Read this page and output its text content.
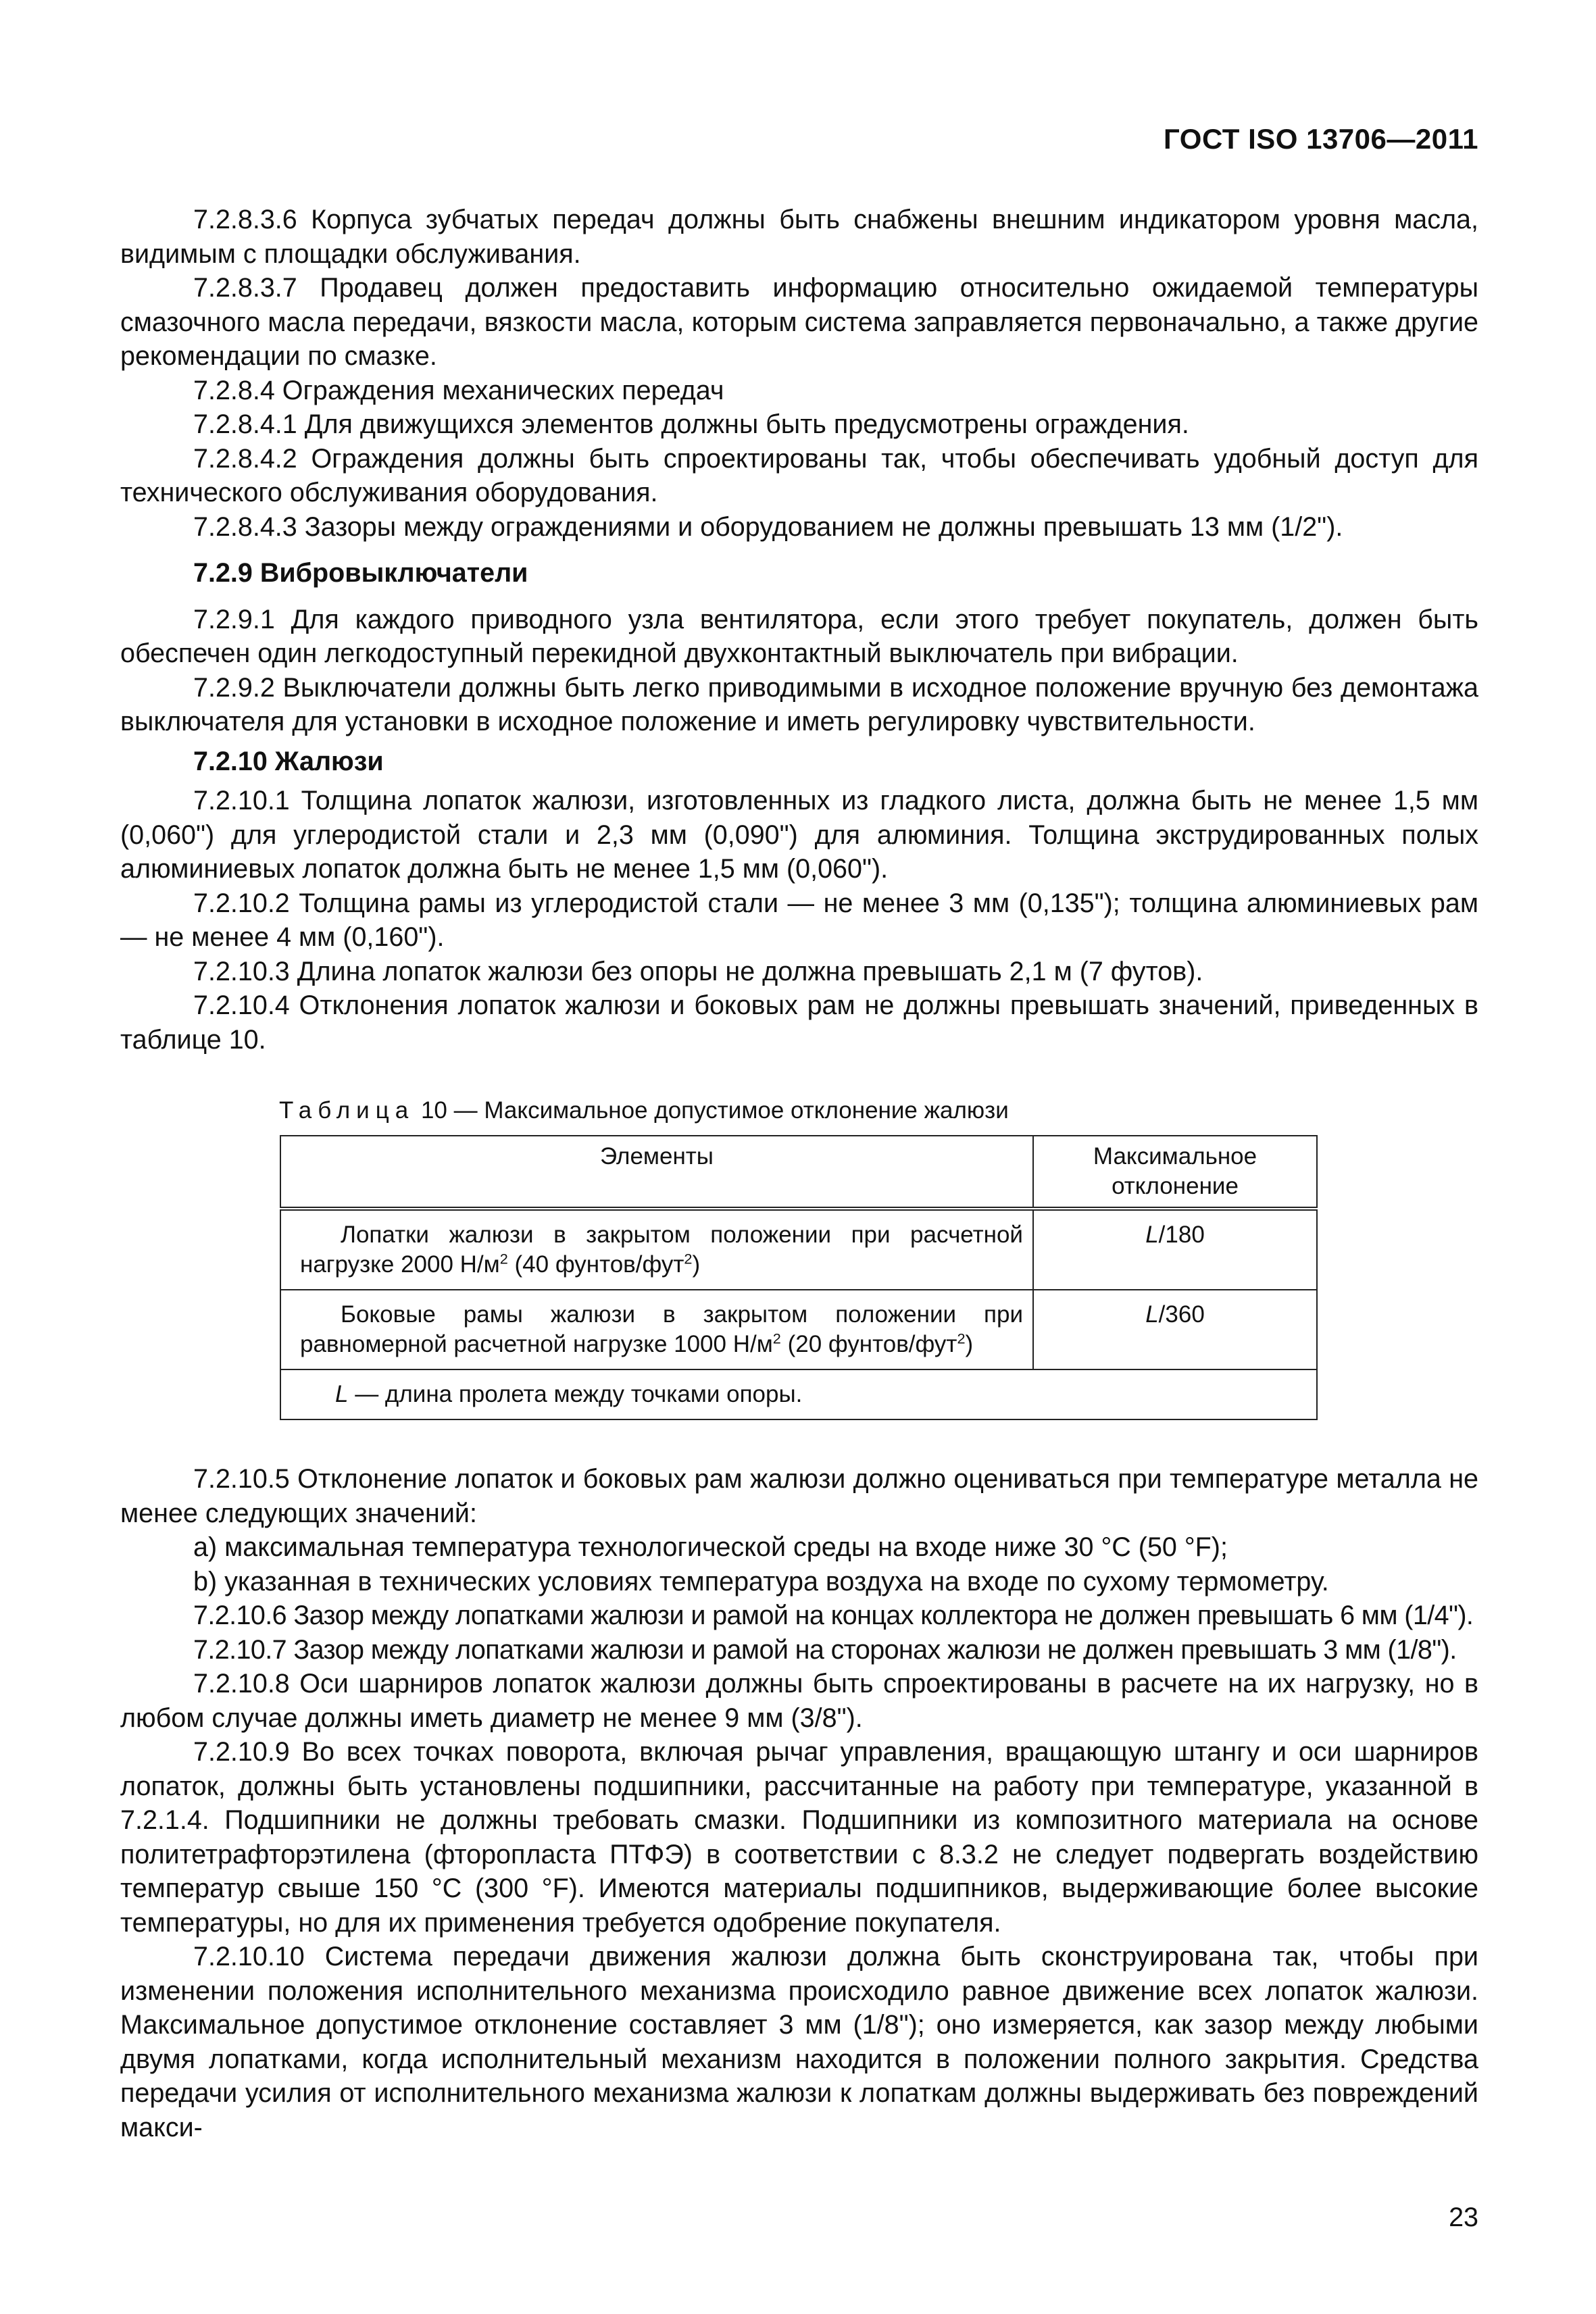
ГОСТ ISO 13706—2011

7.2.8.3.6 Корпуса зубчатых передач должны быть снабжены внешним индикатором уровня масла, видимым с площадки обслуживания.

7.2.8.3.7 Продавец должен предоставить информацию относительно ожидаемой температуры смазочного масла передачи, вязкости масла, которым система заправляется первоначально, а также другие рекомендации по смазке.

7.2.8.4 Ограждения механических передач

7.2.8.4.1 Для движущихся элементов должны быть предусмотрены ограждения.

7.2.8.4.2 Ограждения должны быть спроектированы так, чтобы обеспечивать удобный доступ для технического обслуживания оборудования.

7.2.8.4.3 Зазоры между ограждениями и оборудованием не должны превышать 13 мм (1/2").

7.2.9 Вибровыключатели

7.2.9.1 Для каждого приводного узла вентилятора, если этого требует покупатель, должен быть обеспечен один легкодоступный перекидной двухконтактный выключатель при вибрации.

7.2.9.2 Выключатели должны быть легко приводимыми в исходное положение вручную без демонтажа выключателя для установки в исходное положение и иметь регулировку чувствительности.

7.2.10 Жалюзи

7.2.10.1 Толщина лопаток жалюзи, изготовленных из гладкого листа, должна быть не менее 1,5 мм (0,060") для углеродистой стали и 2,3 мм (0,090") для алюминия. Толщина экструдированных полых алюминиевых лопаток должна быть не менее 1,5 мм (0,060").

7.2.10.2 Толщина рамы из углеродистой стали — не менее 3 мм (0,135"); толщина алюминиевых рам — не менее 4 мм (0,160").

7.2.10.3 Длина лопаток жалюзи без опоры не должна превышать 2,1 м (7 футов).

7.2.10.4 Отклонения лопаток жалюзи и боковых рам не должны превышать значений, приведенных в таблице 10.

Таблица 10 — Максимальное допустимое отклонение жалюзи
Элементы	Максимальное отклонение
Лопатки жалюзи в закрытом положении при расчетной нагрузке 2000 $Н/м^2$ (40 фунтов/фут$^2$)	L/180
Боковые рамы жалюзи в закрытом положении при равномерной расчетной нагрузке 1000 $Н/м^2$ (20 фунтов/фут$^2$)	L/360
L — длина пролета между точками опоры.	

7.2.10.5 Отклонение лопаток и боковых рам жалюзи должно оцениваться при температуре металла не менее следующих значений:

a) максимальная температура технологической среды на входе ниже 30 °C (50 °F);

b) указанная в технических условиях температура воздуха на входе по сухому термометру.

7.2.10.6 Зазор между лопатками жалюзи и рамой на концах коллектора не должен превышать 6 мм (1/4").

7.2.10.7 Зазор между лопатками жалюзи и рамой на сторонах жалюзи не должен превышать 3 мм (1/8").

7.2.10.8 Оси шарниров лопаток жалюзи должны быть спроектированы в расчете на их нагрузку, но в любом случае должны иметь диаметр не менее 9 мм (3/8").

7.2.10.9 Во всех точках поворота, включая рычаг управления, вращающую штангу и оси шарниров лопаток, должны быть установлены подшипники, рассчитанные на работу при температуре, указанной в 7.2.1.4. Подшипники не должны требовать смазки. Подшипники из композитного материала на основе политетрафторэтилена (фторопласта ПТФЭ) в соответствии с 8.3.2 не следует подвергать воздействию температур свыше 150 °C (300 °F). Имеются материалы подшипников, выдерживающие более высокие температуры, но для их применения требуется одобрение покупателя.

7.2.10.10 Система передачи движения жалюзи должна быть сконструирована так, чтобы при изменении положения исполнительного механизма происходило равное движение всех лопаток жалюзи. Максимальное допустимое отклонение составляет 3 мм (1/8"); оно измеряется, как зазор между любыми двумя лопатками, когда исполнительный механизм находится в положении полного закрытия. Средства передачи усилия от исполнительного механизма жалюзи к лопаткам должны выдерживать без повреждений макси-

23
